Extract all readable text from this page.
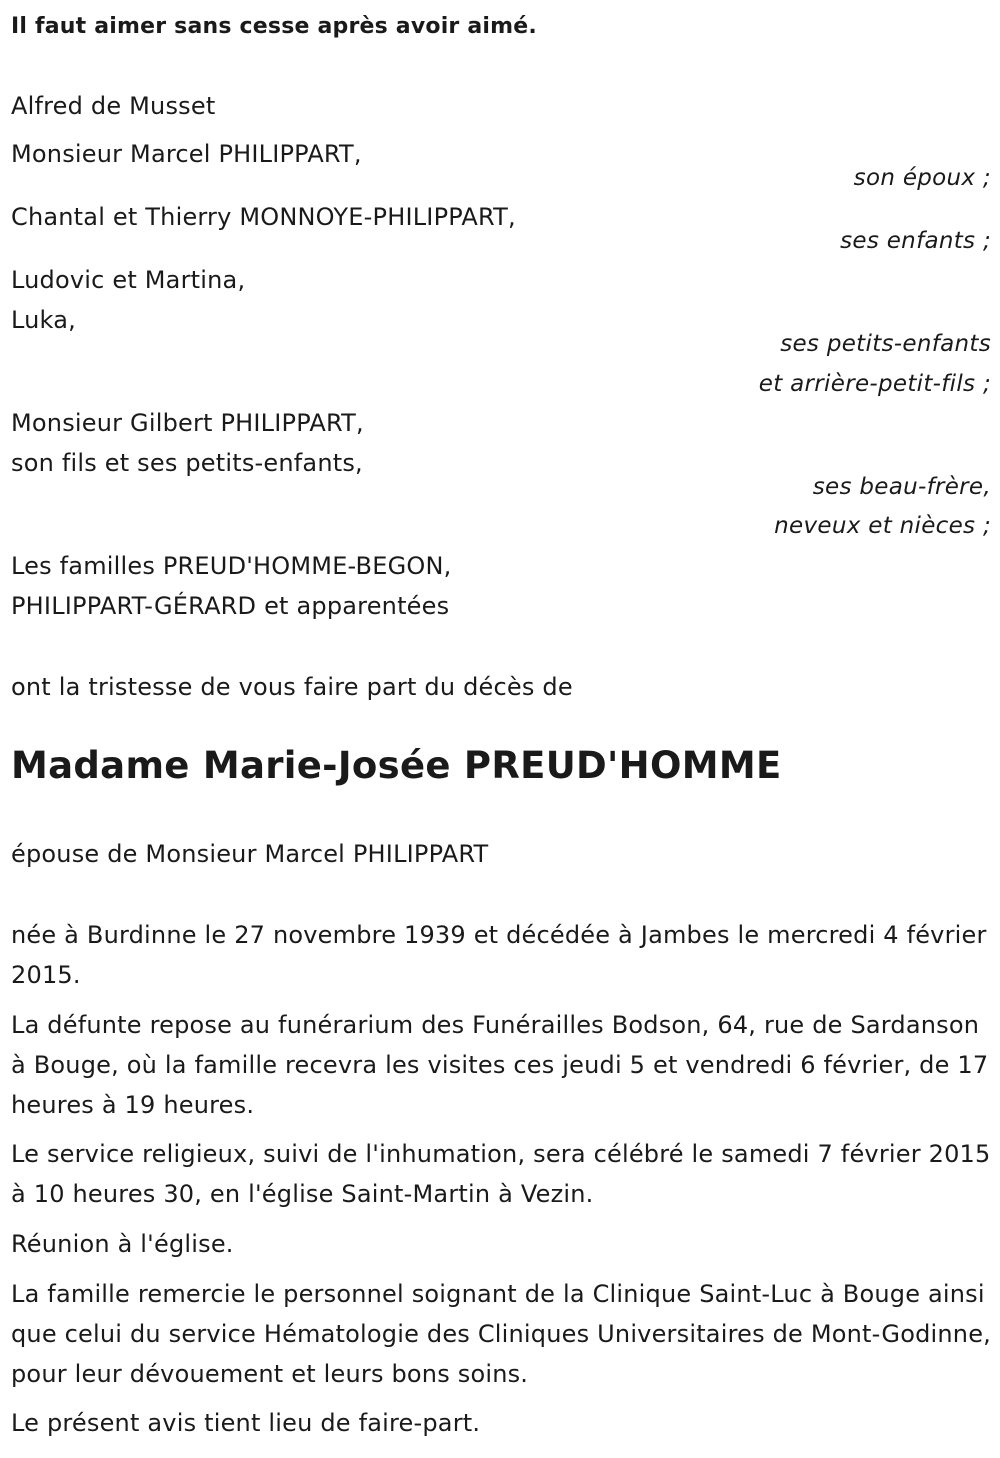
Il faut aimer sans cesse après avoir aimé.
Alfred de Musset
Monsieur Marcel PHILIPPART,
son époux ;
Chantal et Thierry MONNOYE-PHILIPPART,
ses enfants ;
Ludovic et Martina,
Luka,
ses petits-enfants
et arrière-petit-fils ;
Monsieur Gilbert PHILIPPART,
son fils et ses petits-enfants,
ses beau-frère,
neveux et nièces ;
Les familles PREUD'HOMME-BEGON,
PHILIPPART-GÉRARD et apparentées
ont la tristesse de vous faire part du décès de
Madame Marie-Josée PREUD'HOMME
épouse de Monsieur Marcel PHILIPPART
née à Burdinne le 27 novembre 1939 et décédée à Jambes le mercredi 4 février 2015.
La défunte repose au funérarium des Funérailles Bodson, 64, rue de Sardanson à Bouge, où la famille recevra les visites ces jeudi 5 et vendredi 6 février, de 17 heures à 19 heures.
Le service religieux, suivi de l'inhumation, sera célébré le samedi 7 février 2015 à 10 heures 30, en l'église Saint-Martin à Vezin.
Réunion à l'église.
La famille remercie le personnel soignant de la Clinique Saint-Luc à Bouge ainsi que celui du service Hématologie des Cliniques Universitaires de Mont-Godinne, pour leur dévouement et leurs bons soins.
Le présent avis tient lieu de faire-part.
